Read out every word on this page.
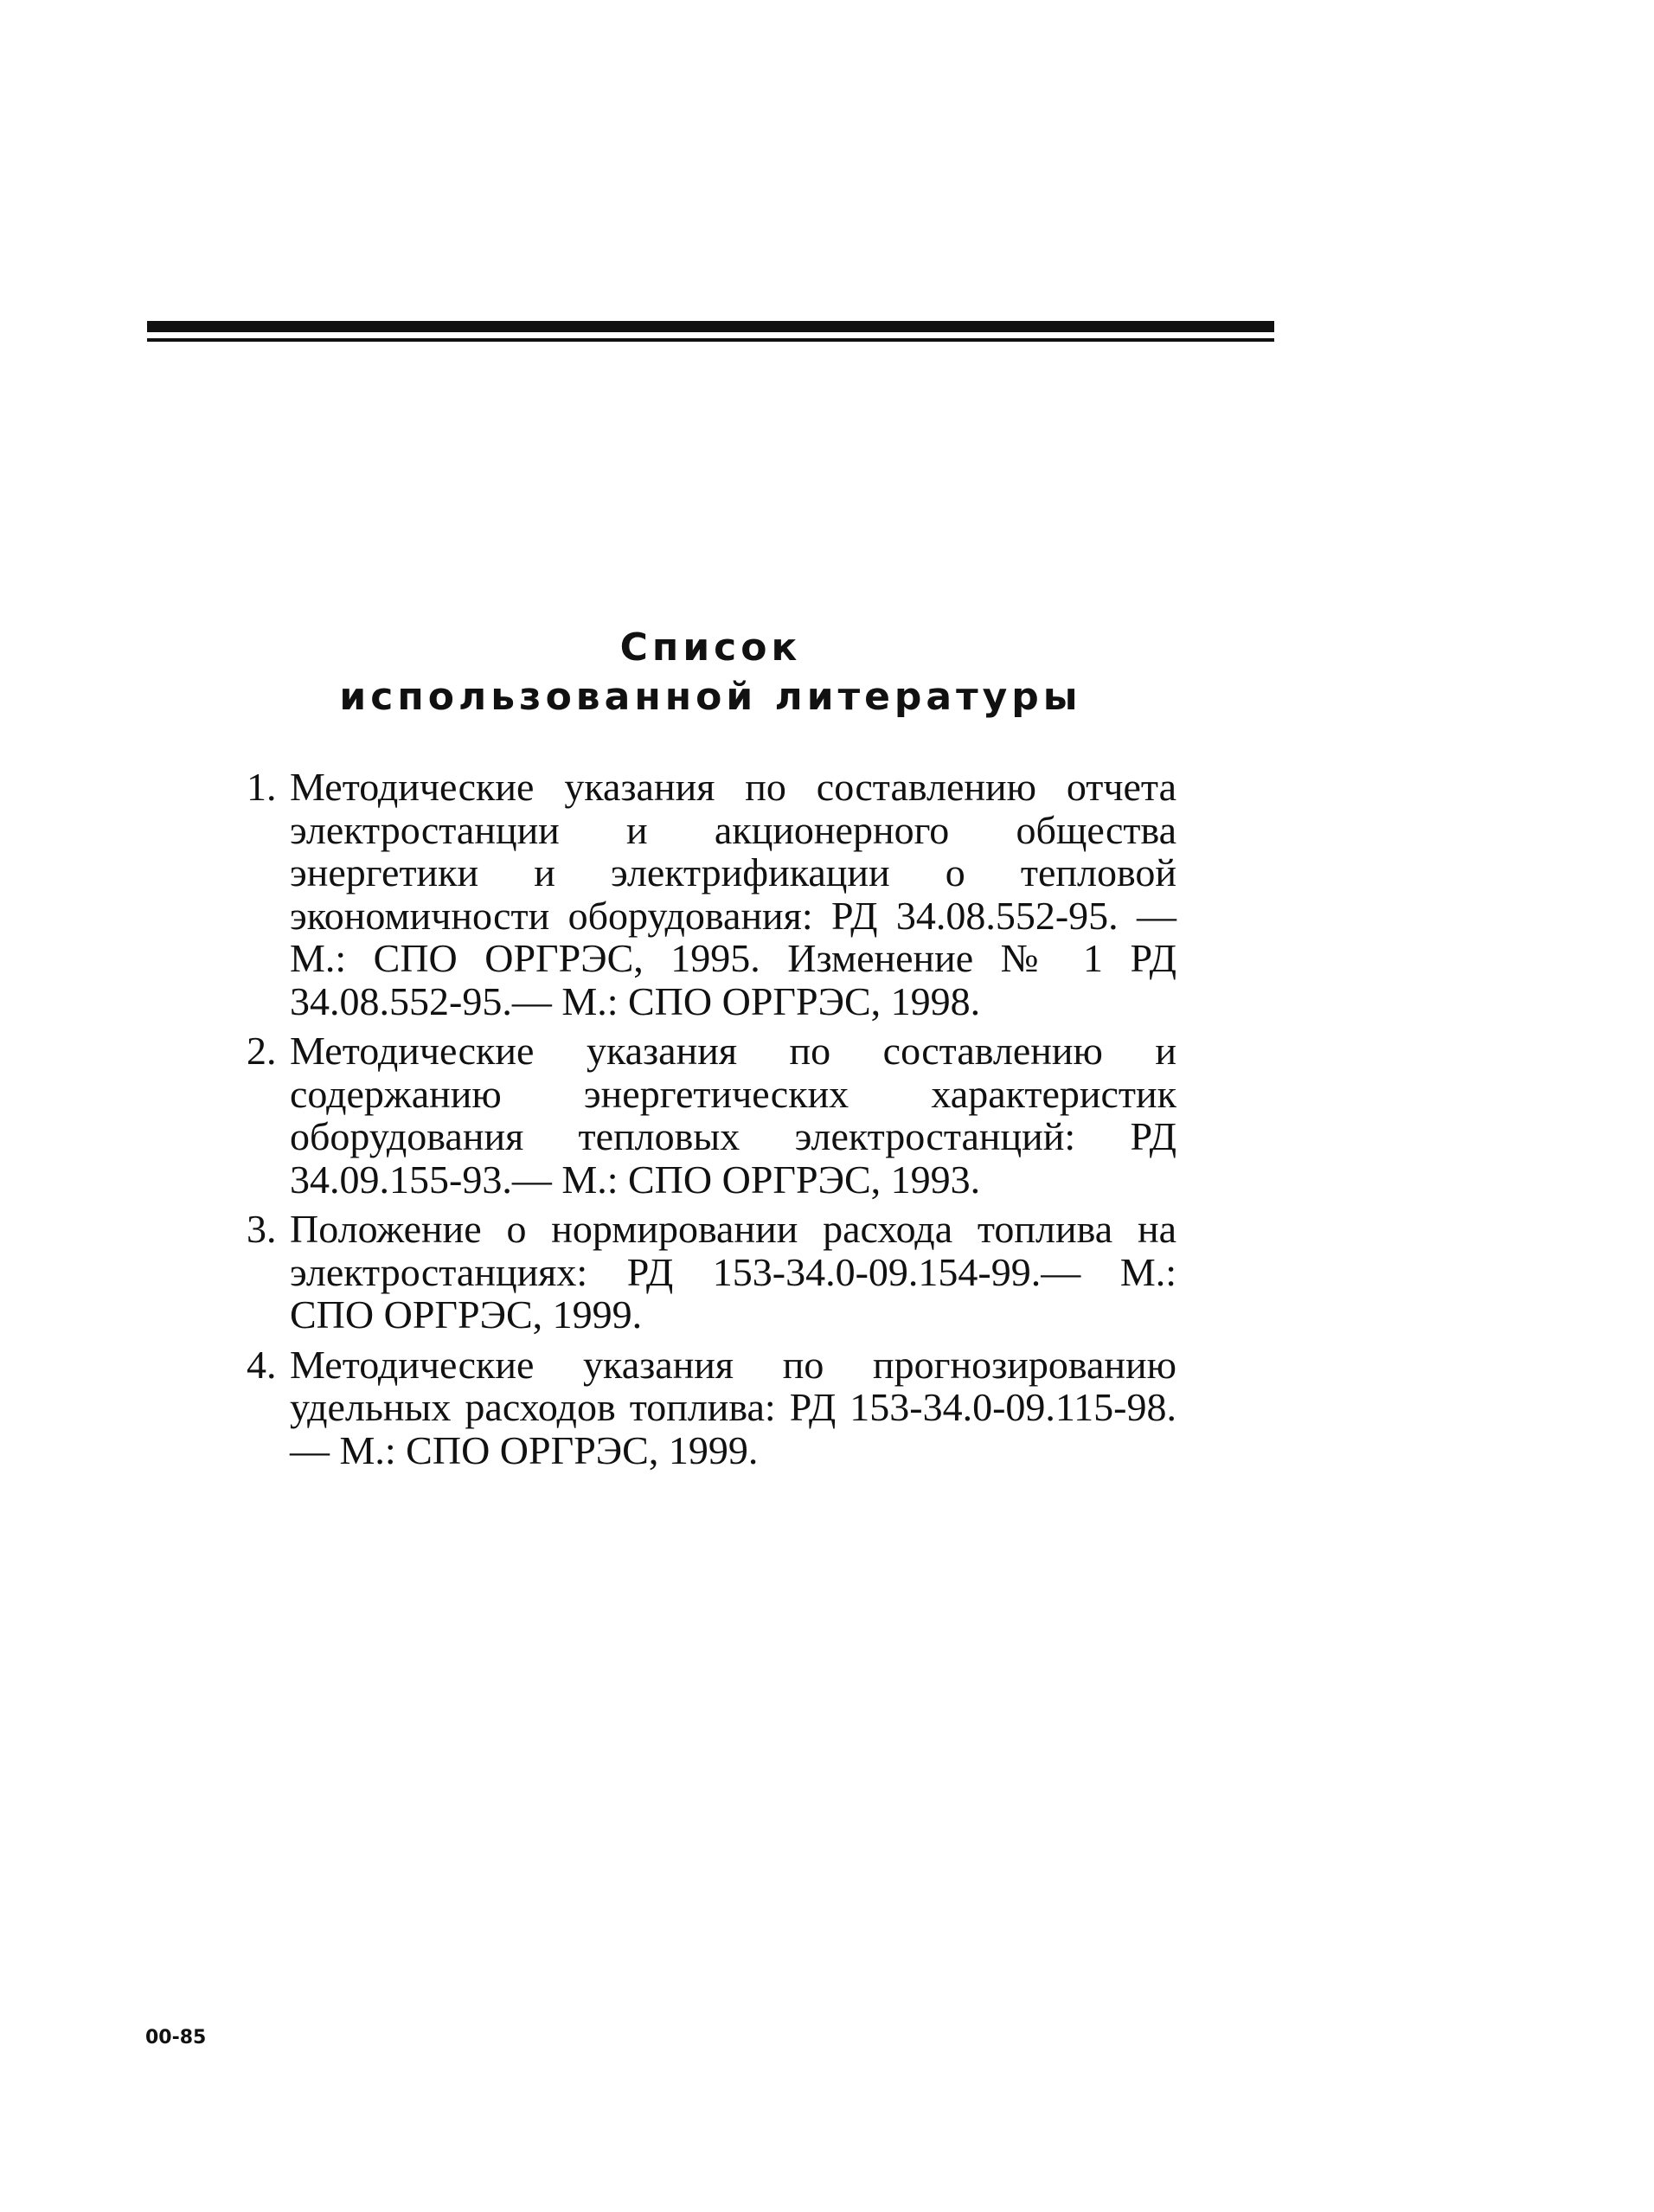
Список
использованной литературы
1. Методические указания по составлению отчета электростанции и акционерного общества энергетики и электрификации о тепловой экономичности оборудования: РД 34.08.552-95. — М.: СПО ОРГРЭС, 1995. Изменение № 1 РД 34.08.552-95.— М.: СПО ОРГРЭС, 1998.
2. Методические указания по составлению и содержанию энергетических характеристик оборудования тепловых электростанций: РД 34.09.155-93.— М.: СПО ОРГРЭС, 1993.
3. Положение о нормировании расхода топлива на электростанциях: РД 153-34.0-09.154-99.— М.: СПО ОРГРЭС, 1999.
4. Методические указания по прогнозированию удельных расходов топлива: РД 153-34.0-09.115-98.— М.: СПО ОРГРЭС, 1999.
00-85
